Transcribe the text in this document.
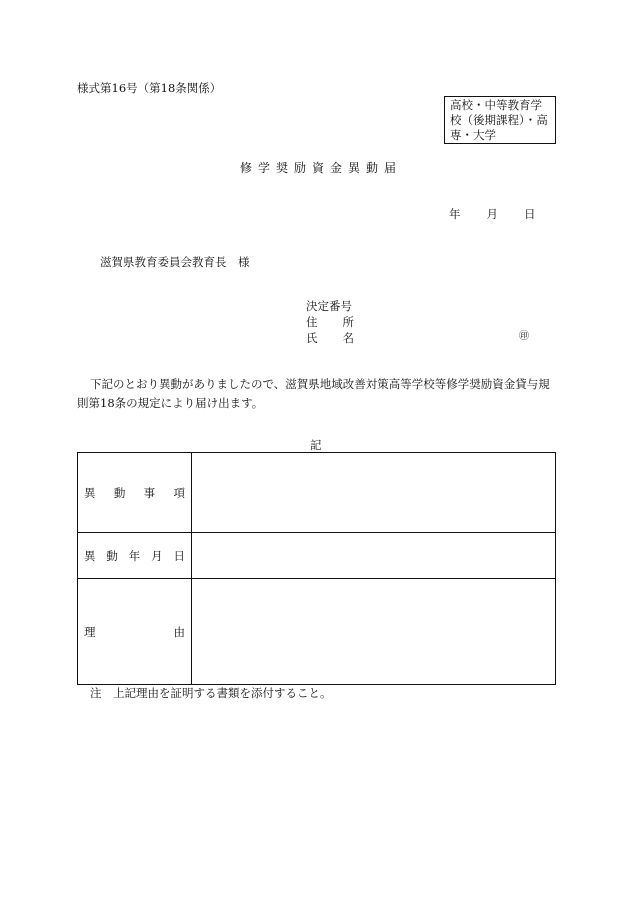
様式第16号（第18条関係）
高校・中等教育学
校（後期課程）・高
専・大学
修学奨励資金異動届
年 月 日
滋賀県教育委員会教育長　様
決定番号
住所
氏名	㊞
下記のとおり異動がありましたので、滋賀県地域改善対策高等学校等修学奨励資金貸与規則第18条の規定により届け出ます。
記
異動事項	

異動年月日	

理由	

注　上記理由を証明する書類を添付すること。
